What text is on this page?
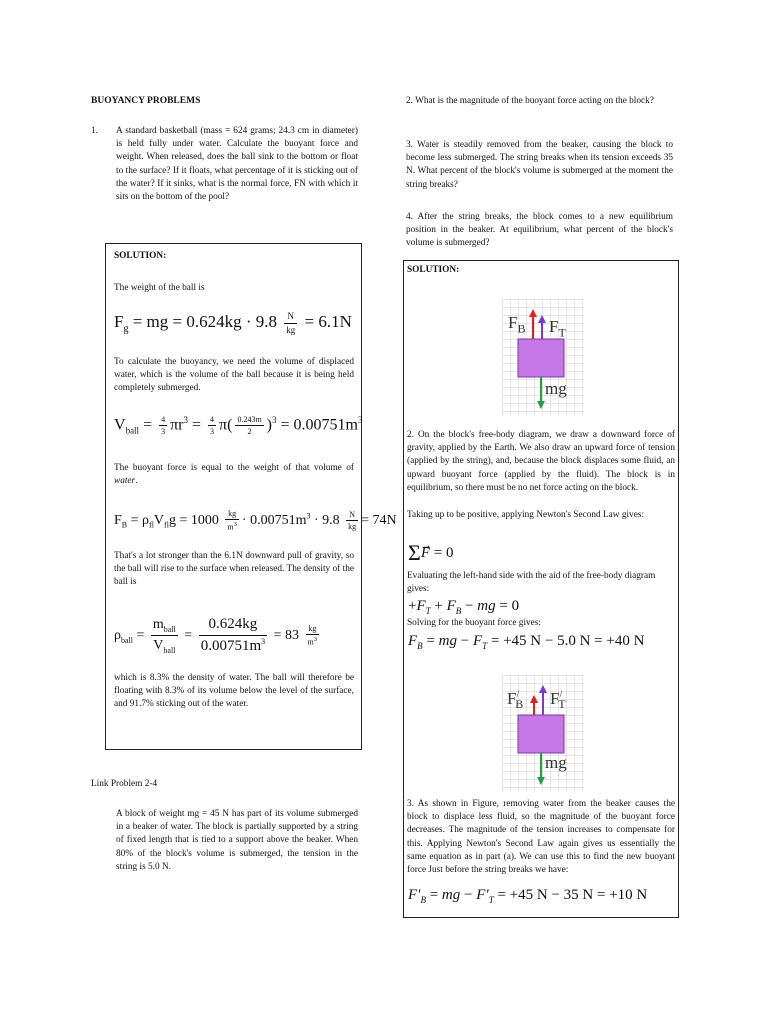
BUOYANCY PROBLEMS
1. A standard basketball (mass = 624 grams; 24.3 cm in diameter) is held fully under water. Calculate the buoyant force and weight. When released, does the ball sink to the bottom or float to the surface? If it floats, what percentage of it is sticking out of the water? If it sinks, what is the normal force, FN with which it sits on the bottom of the pool?
SOLUTION:
The weight of the ball is
$F_g$ = mg = $0.624kg \cdot 9.8 \frac{N}{kg} = 6.1N$
To calculate the buoyancy, we need the volume of displaced water, which is the volume of the ball because it is being held completely submerged.
$V_{ball} = \frac{4}{3} \pi r^3 = \frac{4}{3} \pi( \frac{0.243m}{2} )^3 = 0.00751m^3$
The buoyant force is equal to the weight of that volume of water.
$F_B = \rho_{fl}V_{fl}g = 1000 \frac{kg}{m^3} \cdot 0.00751m^3 \cdot 9.8 \frac{N}{kg} = 74N$
That's a lot stronger than the 6.1N downward pull of gravity, so the ball will rise to the surface when released. The density of the ball is
$\rho_{ball} = \frac{m_{ball}}{V_{ball}} = \frac{0.624kg}{0.00751m^3} = 83 \frac{kg}{m^3}$
which is 8.3% the density of water. The ball will therefore be floating with 8.3% of its volume below the level of the surface, and 91.7% sticking out of the water.
Link Problem 2-4
A block of weight mg = 45 N has part of its volume submerged in a beaker of water. The block is partially supported by a string of fixed length that is tied to a support above the beaker. When 80% of the block's volume is submerged, the tension in the string is 5.0 N.
2. What is the magnitude of the buoyant force acting on the block?
3. Water is steadily removed from the beaker, causing the block to become less submerged. The string breaks when its tension exceeds 35 N. What percent of the block's volume is submerged at the moment the string breaks?
4. After the string breaks, the block comes to a new equilibrium position in the beaker. At equilibrium, what percent of the block's volume is submerged?
SOLUTION:
$F_B$ $F_T$
mg
2. On the block's free-body diagram, we draw a downward force of gravity, applied by the Earth. We also draw an upward force of tension (applied by the string), and, because the block displaces some fluid, an upward buoyant force (applied by the fluid). The block is in equilibrium, so there must be no net force acting on the block.
Taking up to be positive, applying Newton's Second Law gives:
ΣF⃗ = 0
Evaluating the left-hand side with the aid of the free-body diagram gives:
$+F_T + F_B$ − mg = 0
Solving for the buoyant force gives:
$F_B$ = mg − $F_T = +45$ N − 5.0 N = +40 N
$F^/_B$ $F^/_T$
mg
3. As shown in Figure, removing water from the beaker causes the block to displace less fluid, so the magnitude of the buoyant force decreases. The magnitude of the tension increases to compensate for this. Applying Newton's Second Law again gives us essentially the same equation as in part (a). We can use this to find the new buoyant force Just before the string breaks we have:
$F'_B$ = mg − $F'_T = +45$ N − 35 N = +10 N
